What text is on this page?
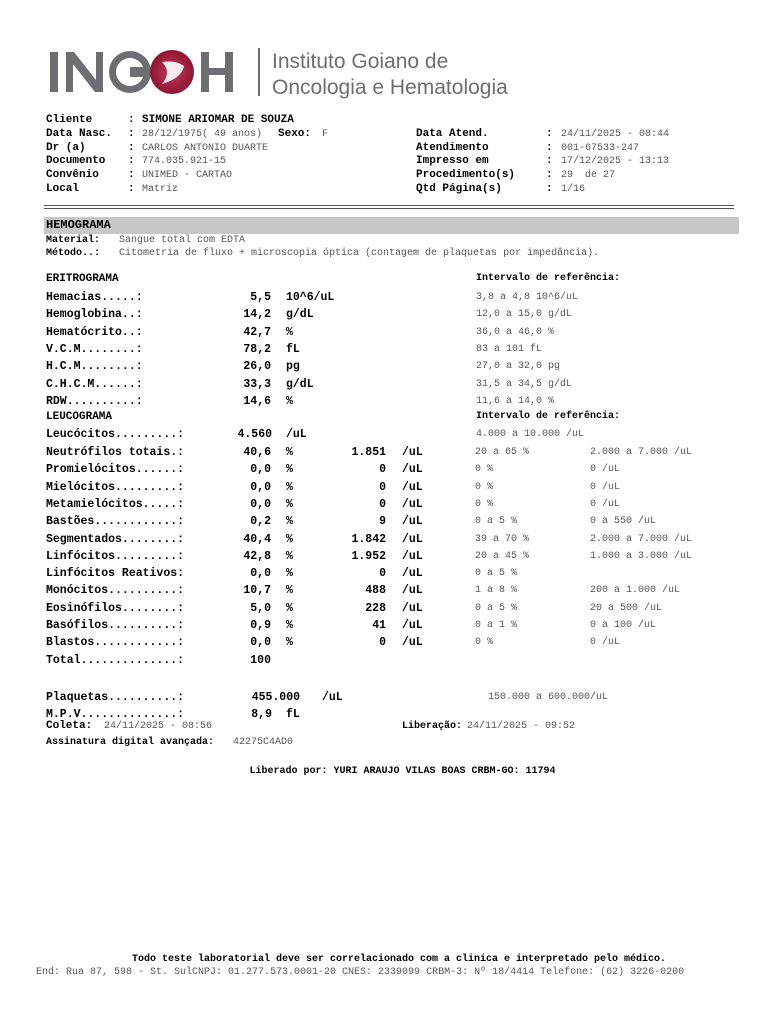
Instituto Goiano de
Oncologia e Hematologia
Cliente	: SIMONE ARIOMAR DE SOUZA
Data Nasc. : 28/12/1975( 49 anos) Sexo: F
Dr (a)	: CARLOS ANTONIO DUARTE
Documento : 774.035.921-15
Convênio	: UNIMED - CARTAO
Local	: Matriz
Data Atend.	: 24/11/2025 - 08:44
Atendimento	: 001-67533-247
Impresso em	: 17/12/2025 - 13:13
Procedimento(s)	: 29  de 27
Qtd Página(s)	: 1/16
HEMOGRAMA
Material: Sangue total com EDTA
Método..: Citometria de fluxo + microscopia óptica (contagem de plaquetas por impedância).
ERITROGRAMA	Intervalo de referência:
Hemacias.....:	5,5 10^6/uL	3,8 a 4,8 10^6/uL
Hemoglobina..:	14,2 g/dL	12,0 a 15,0 g/dL
Hematócrito..:	42,7 %	36,0 a 46,0 %
V.C.M........:	78,2 fL	83 a 101 fL
H.C.M........:	26,0 pg	27,0 a 32,0 pg
C.H.C.M......:	33,3 g/dL	31,5 a 34,5 g/dL
RDW..........:	14,6 %	11,6 a 14,0 %
LEUCOGRAMA	Intervalo de referência:
Leucócitos.........:	4.560 /uL	4.000 a 10.000 /uL
Neutrófilos totais.:	40,6 %	1.851 /uL	20 a 65 %	2.000 a 7.000 /uL
Promielócitos......:	0,0 %	0 /uL	0 %	0 /uL
Mielócitos.........:	0,0 %	0 /uL	0 %	0 /uL
Metamielócitos.....:	0,0 %	0 /uL	0 %	0 /uL
Bastões............:	0,2 %	9 /uL	0 a 5 %	0 a 550 /uL
Segmentados........:	40,4 %	1.842 /uL	39 a 70 %	2.000 a 7.000 /uL
Linfócitos.........:	42,8 %	1.952 /uL	20 a 45 %	1.000 a 3.000 /uL
Linfócitos Reativos:	0,0 %	0 /uL	0 a 5 %
Monócitos..........:	10,7 %	488 /uL	1 a 8 %	200 a 1.000 /uL
Eosinófilos........:	5,0 %	228 /uL	0 a 5 %	20 a 500 /uL
Basófilos..........:	0,9 %	41 /uL	0 a 1 %	0 a 100 /uL
Blastos............:	0,0 %	0 /uL	0 %	0 /uL
Total..............:	100
Plaquetas..........:	455.000 /uL	150.000 a 600.000/uL
M.P.V..............:	8,9 fL
Coleta: 24/11/2025 - 08:56	Liberação: 24/11/2025 - 09:52
Assinatura digital avançada: 42275C4AD0
Liberado por: YURI ARAUJO VILAS BOAS CRBM-GO: 11794
Todo teste laboratorial deve ser correlacionado com a clinica e interpretado pelo médico.
End: Rua 87, 598 - St. SulCNPJ: 01.277.573.0001-20 CNES: 2339099 CRBM-3: Nº 18/4414 Telefone: (62) 3226-0200
